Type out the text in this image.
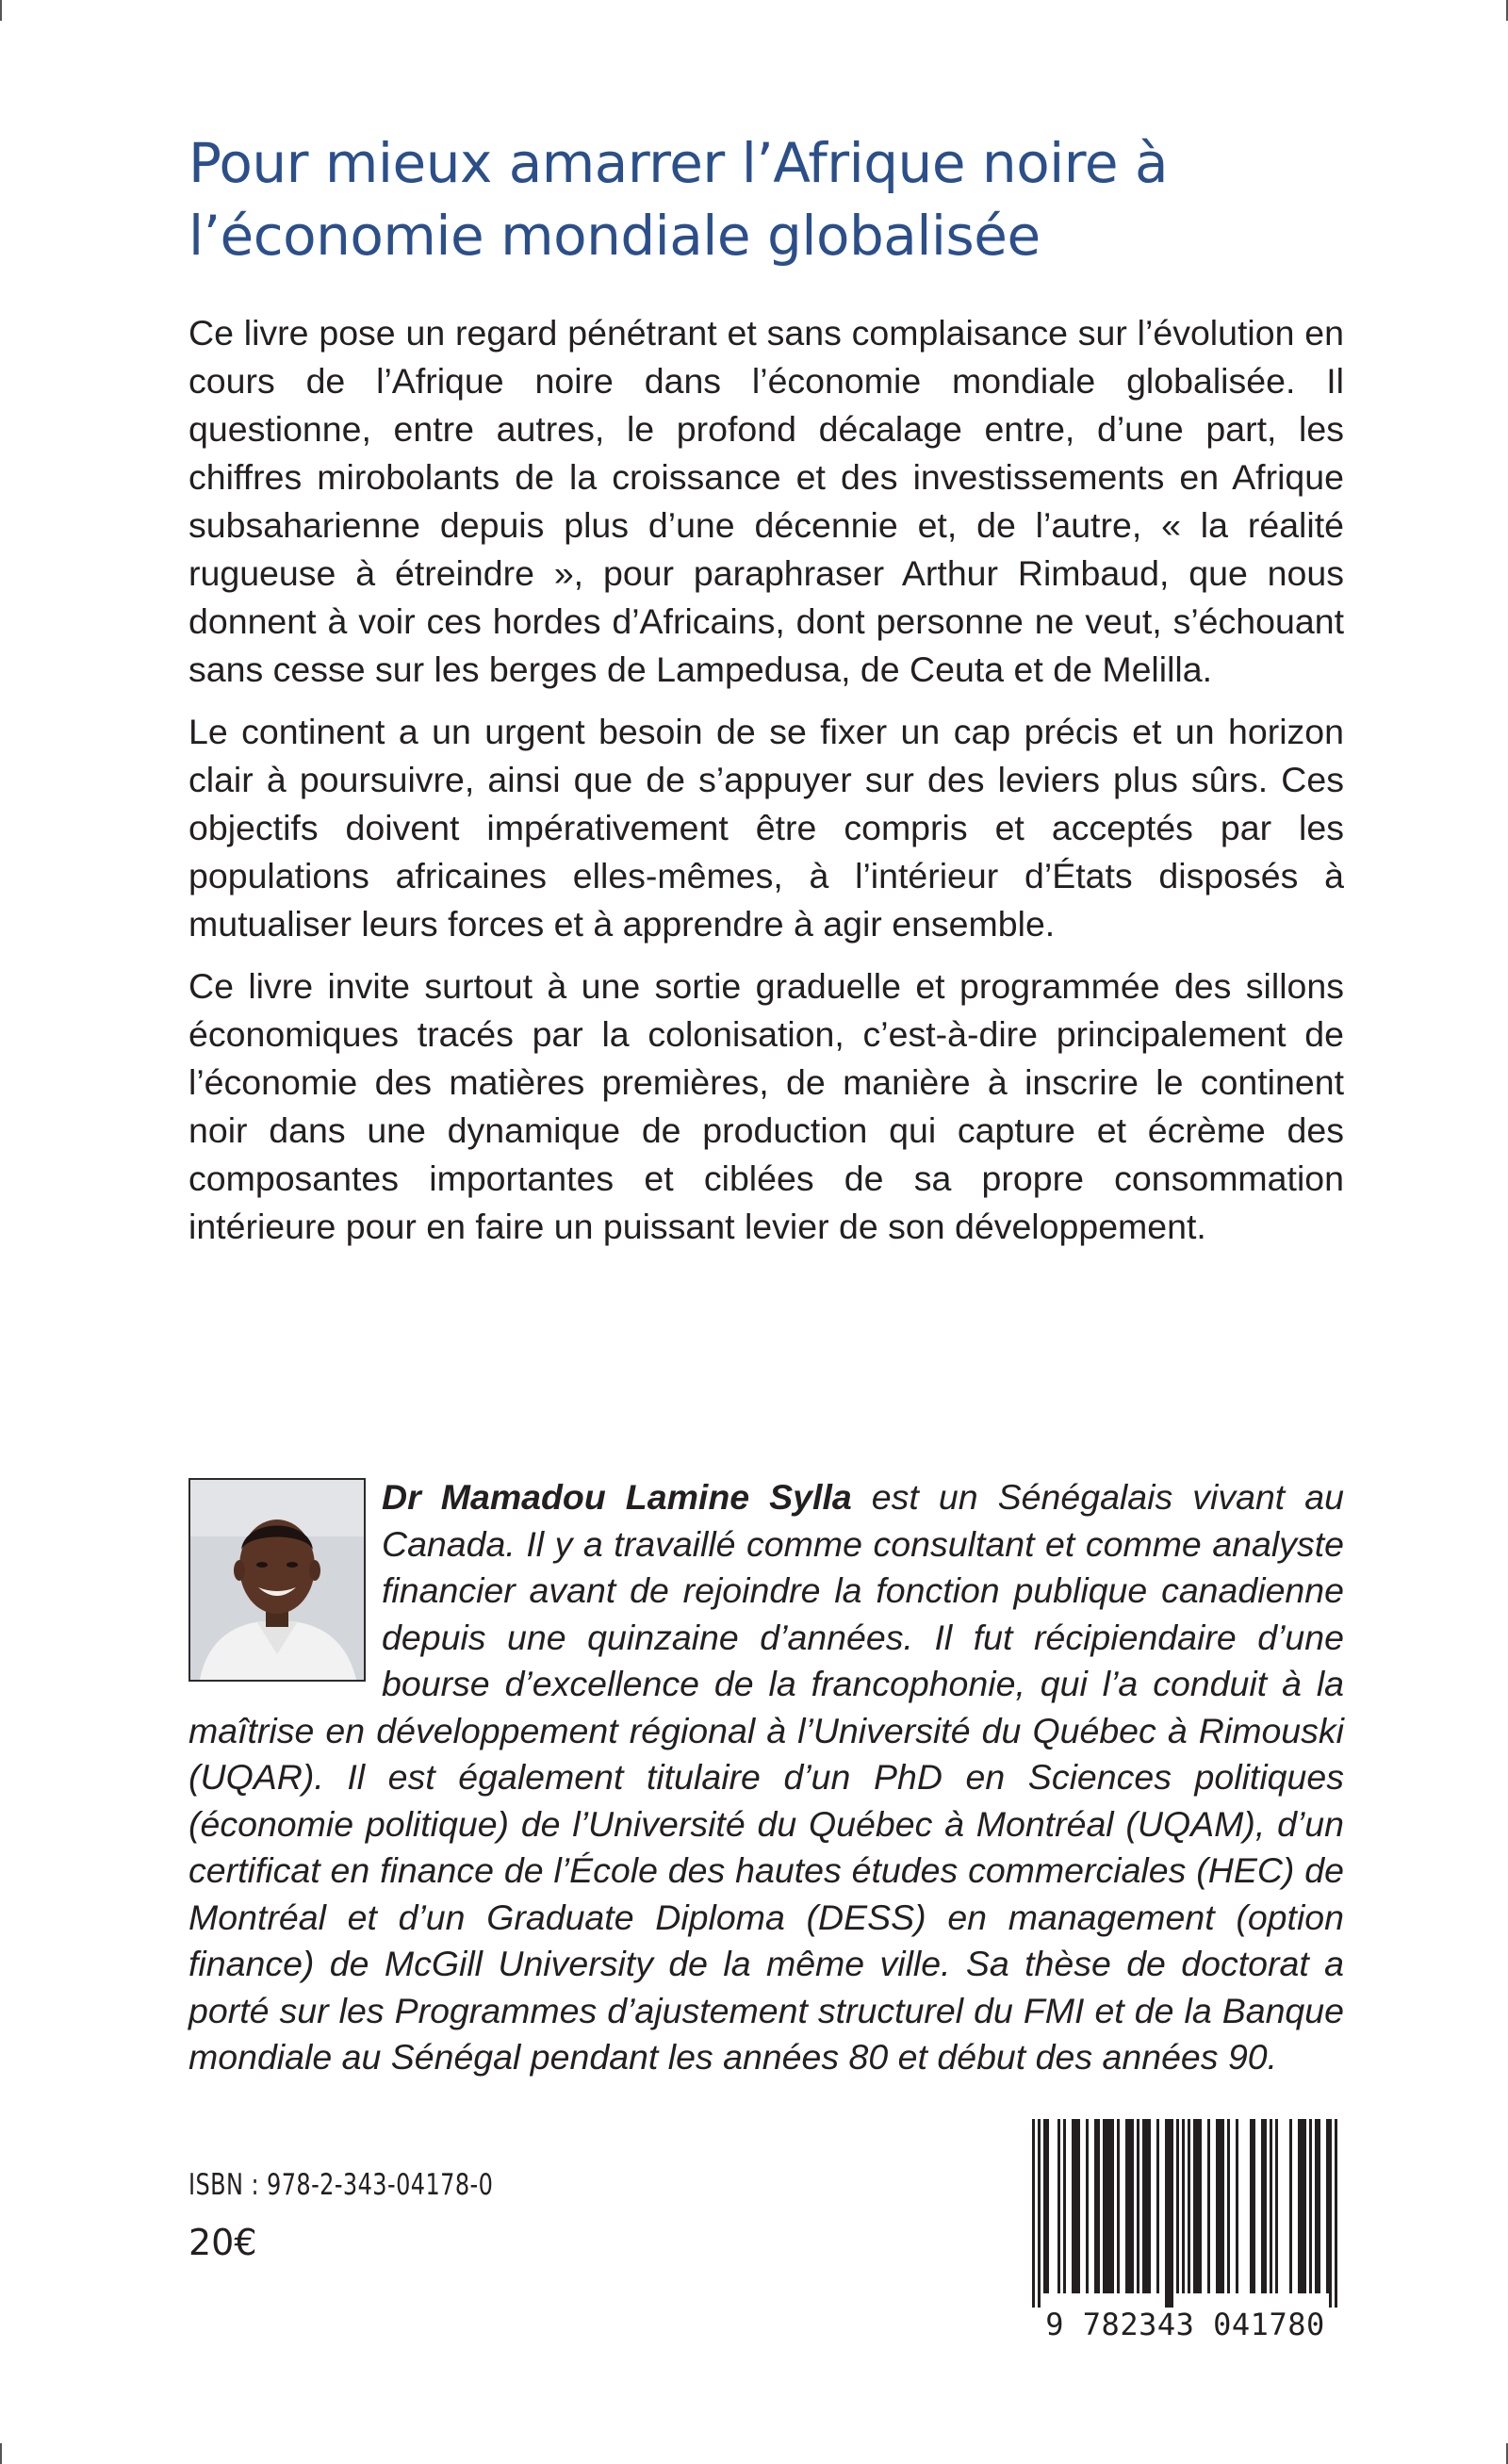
Pour mieux amarrer l’Afrique noire à l’économie mondiale globalisée

Ce livre pose un regard pénétrant et sans complaisance sur l’évolution en cours de l’Afrique noire dans l’économie mondiale globalisée. Il questionne, entre autres, le profond décalage entre, d’une part, les chiffres mirobolants de la croissance et des investissements en Afrique subsaharienne depuis plus d’une décennie et, de l’autre, « la réalité rugueuse à étreindre », pour paraphraser Arthur Rimbaud, que nous donnent à voir ces hordes d’Africains, dont personne ne veut, s’échouant sans cesse sur les berges de Lampedusa, de Ceuta et de Melilla.

Le continent a un urgent besoin de se fixer un cap précis et un horizon clair à poursuivre, ainsi que de s’appuyer sur des leviers plus sûrs. Ces objectifs doivent impérativement être compris et acceptés par les populations africaines elles-mêmes, à l’intérieur d’États disposés à mutualiser leurs forces et à apprendre à agir ensemble.

Ce livre invite surtout à une sortie graduelle et programmée des sillons économiques tracés par la colonisation, c’est-à-dire principalement de l’économie des matières premières, de manière à inscrire le continent noir dans une dynamique de production qui capture et écrème des composantes importantes et ciblées de sa propre consommation intérieure pour en faire un puissant levier de son développement.

Dr Mamadou Lamine Sylla est un Sénégalais vivant au Canada. Il y a travaillé comme consultant et comme analyste financier avant de rejoindre la fonction publique canadienne depuis une quinzaine d’années. Il fut récipiendaire d’une bourse d’excellence de la francophonie, qui l’a conduit à la maîtrise en développement régional à l’Université du Québec à Rimouski (UQAR). Il est également titulaire d’un PhD en Sciences politiques (économie politique) de l’Université du Québec à Montréal (UQAM), d’un certificat en finance de l’École des hautes études commerciales (HEC) de Montréal et d’un Graduate Diploma (DESS) en management (option finance) de McGill University de la même ville. Sa thèse de doctorat a porté sur les Programmes d’ajustement structurel du FMI et de la Banque mondiale au Sénégal pendant les années 80 et début des années 90.
ISBN : 978-2-343-04178-0
20€
9 782343 041780
